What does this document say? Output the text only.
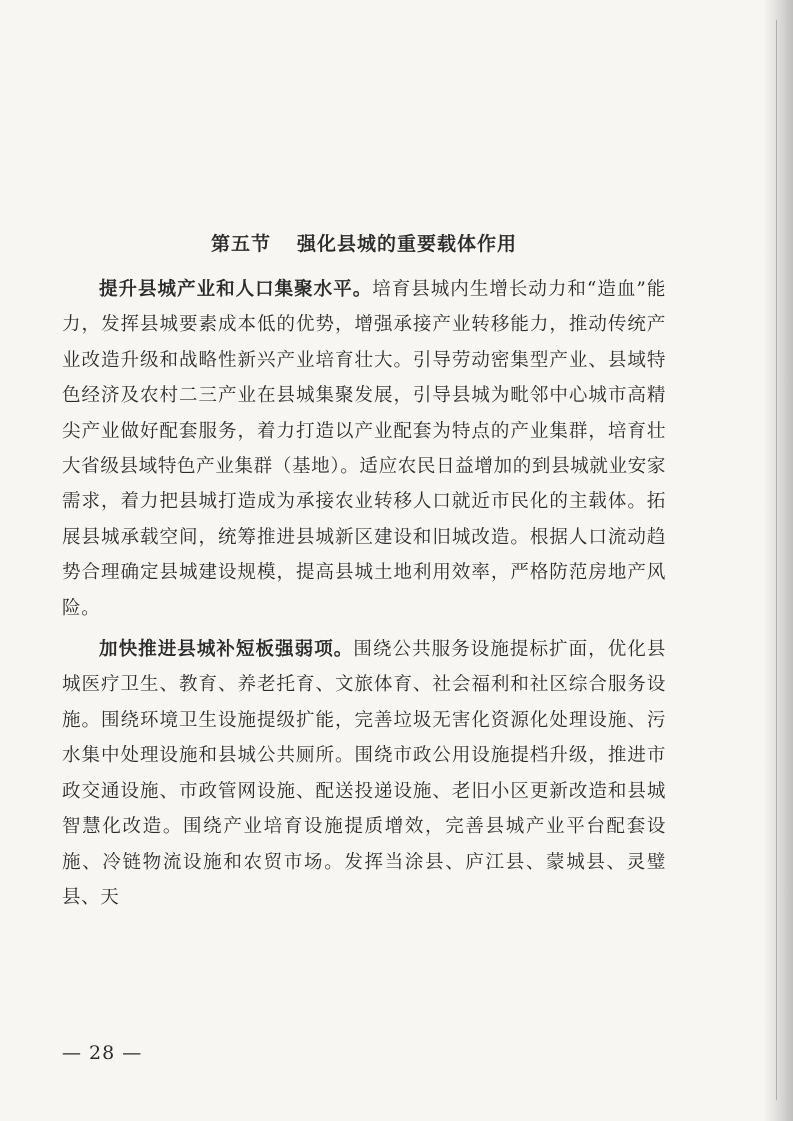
第五节 强化县城的重要载体作用

提升县城产业和人口集聚水平。培育县城内生增长动力和“造血”能力，发挥县城要素成本低的优势，增强承接产业转移能力，推动传统产业改造升级和战略性新兴产业培育壮大。引导劳动密集型产业、县域特色经济及农村二三产业在县城集聚发展，引导县城为毗邻中心城市高精尖产业做好配套服务，着力打造以产业配套为特点的产业集群，培育壮大省级县域特色产业集群（基地）。适应农民日益增加的到县城就业安家需求，着力把县城打造成为承接农业转移人口就近市民化的主载体。拓展县城承载空间，统筹推进县城新区建设和旧城改造。根据人口流动趋势合理确定县城建设规模，提高县城土地利用效率，严格防范房地产风险。

加快推进县城补短板强弱项。围绕公共服务设施提标扩面，优化县城医疗卫生、教育、养老托育、文旅体育、社会福利和社区综合服务设施。围绕环境卫生设施提级扩能，完善垃圾无害化资源化处理设施、污水集中处理设施和县城公共厕所。围绕市政公用设施提档升级，推进市政交通设施、市政管网设施、配送投递设施、老旧小区更新改造和县城智慧化改造。围绕产业培育设施提质增效，完善县城产业平台配套设施、冷链物流设施和农贸市场。发挥当涂县、庐江县、蒙城县、灵璧县、天

— 28 —
